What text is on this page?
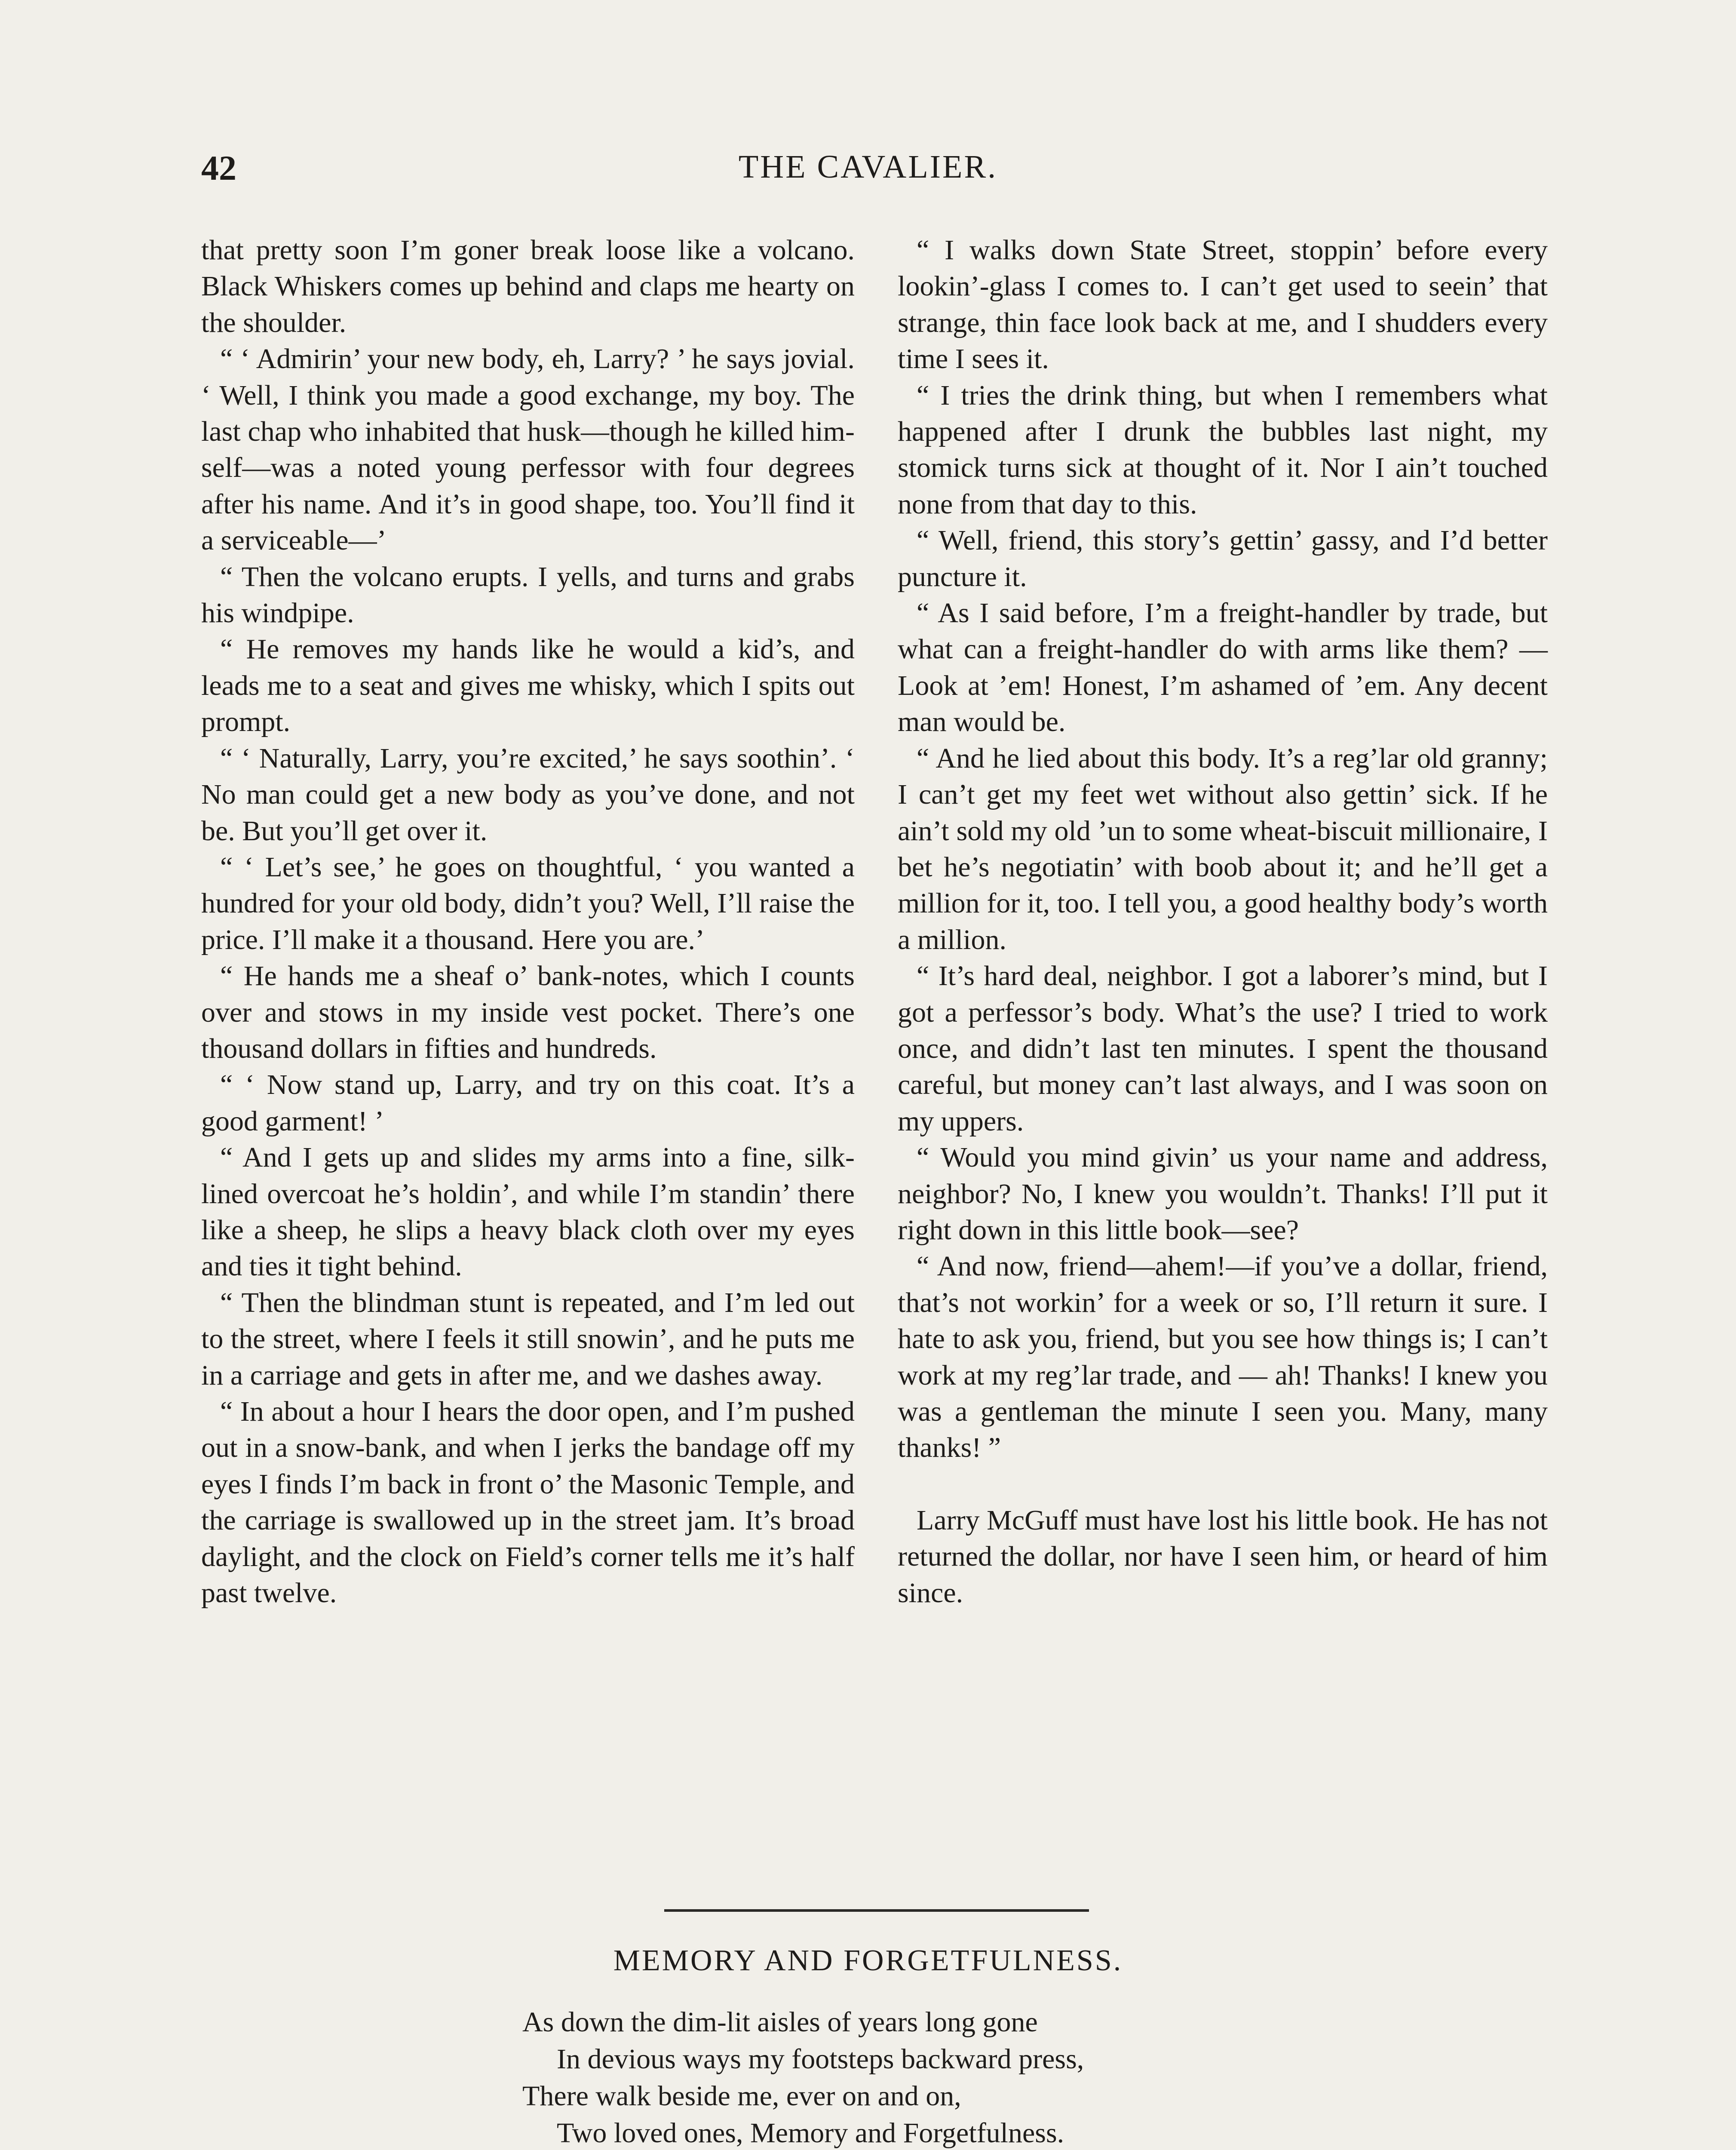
42	THE CAVALIER.

that pretty soon I’m goner break loose like a volcano. Black Whiskers comes up behind and claps me hearty on the shoulder.

“ ‘ Admirin’ your new body, eh, Larry? ’ he says jovial. ‘ Well, I think you made a good exchange, my boy. The last chap who inhabited that husk—though he killed himself—was a noted young perfessor with four degrees after his name. And it’s in good shape, too. You’ll find it a serviceable—’

“ Then the volcano erupts. I yells, and turns and grabs his windpipe.

“ He removes my hands like he would a kid’s, and leads me to a seat and gives me whisky, which I spits out prompt.

“ ‘ Naturally, Larry, you’re excited,’ he says soothin’. ‘ No man could get a new body as you’ve done, and not be. But you’ll get over it.

“ ‘ Let’s see,’ he goes on thoughtful, ‘ you wanted a hundred for your old body, didn’t you? Well, I’ll raise the price. I’ll make it a thousand. Here you are.’

“ He hands me a sheaf o’ bank-notes, which I counts over and stows in my inside vest pocket. There’s one thousand dollars in fifties and hundreds.

“ ‘ Now stand up, Larry, and try on this coat. It’s a good garment! ’

“ And I gets up and slides my arms into a fine, silk-lined overcoat he’s holdin’, and while I’m standin’ there like a sheep, he slips a heavy black cloth over my eyes and ties it tight behind.

“ Then the blindman stunt is repeated, and I’m led out to the street, where I feels it still snowin’, and he puts me in a carriage and gets in after me, and we dashes away.

“ In about a hour I hears the door open, and I’m pushed out in a snow-bank, and when I jerks the bandage off my eyes I finds I’m back in front o’ the Masonic Temple, and the carriage is swallowed up in the street jam. It’s broad daylight, and the clock on Field’s corner tells me it’s half past twelve.

“ I walks down State Street, stoppin’ before every lookin’-glass I comes to. I can’t get used to seein’ that strange, thin face look back at me, and I shudders every time I sees it.

“ I tries the drink thing, but when I remembers what happened after I drunk the bubbles last night, my stomick turns sick at thought of it. Nor I ain’t touched none from that day to this.

“ Well, friend, this story’s gettin’ gassy, and I’d better puncture it.

“ As I said before, I’m a freight-handler by trade, but what can a freight-handler do with arms like them? — Look at ’em! Honest, I’m ashamed of ’em. Any decent man would be.

“ And he lied about this body. It’s a reg’lar old granny; I can’t get my feet wet without also gettin’ sick. If he ain’t sold my old ’un to some wheat-biscuit millionaire, I bet he’s negotiatin’ with boob about it; and he’ll get a million for it, too. I tell you, a good healthy body’s worth a million.

“ It’s hard deal, neighbor. I got a laborer’s mind, but I got a perfessor’s body. What’s the use? I tried to work once, and didn’t last ten minutes. I spent the thousand careful, but money can’t last always, and I was soon on my uppers.

“ Would you mind givin’ us your name and address, neighbor? No, I knew you wouldn’t. Thanks! I’ll put it right down in this little book—see?

“ And now, friend—ahem!—if you’ve a dollar, friend, that’s not workin’ for a week or so, I’ll return it sure. I hate to ask you, friend, but you see how things is; I can’t work at my reg’lar trade, and — ah! Thanks! I knew you was a gentleman the minute I seen you. Many, many thanks! ”

Larry McGuff must have lost his little book. He has not returned the dollar, nor have I seen him, or heard of him since.

MEMORY AND FORGETFULNESS.
As down the dim-lit aisles of years long gone
In devious ways my footsteps backward press,
There walk beside me, ever on and on,
Two loved ones, Memory and Forgetfulness.
